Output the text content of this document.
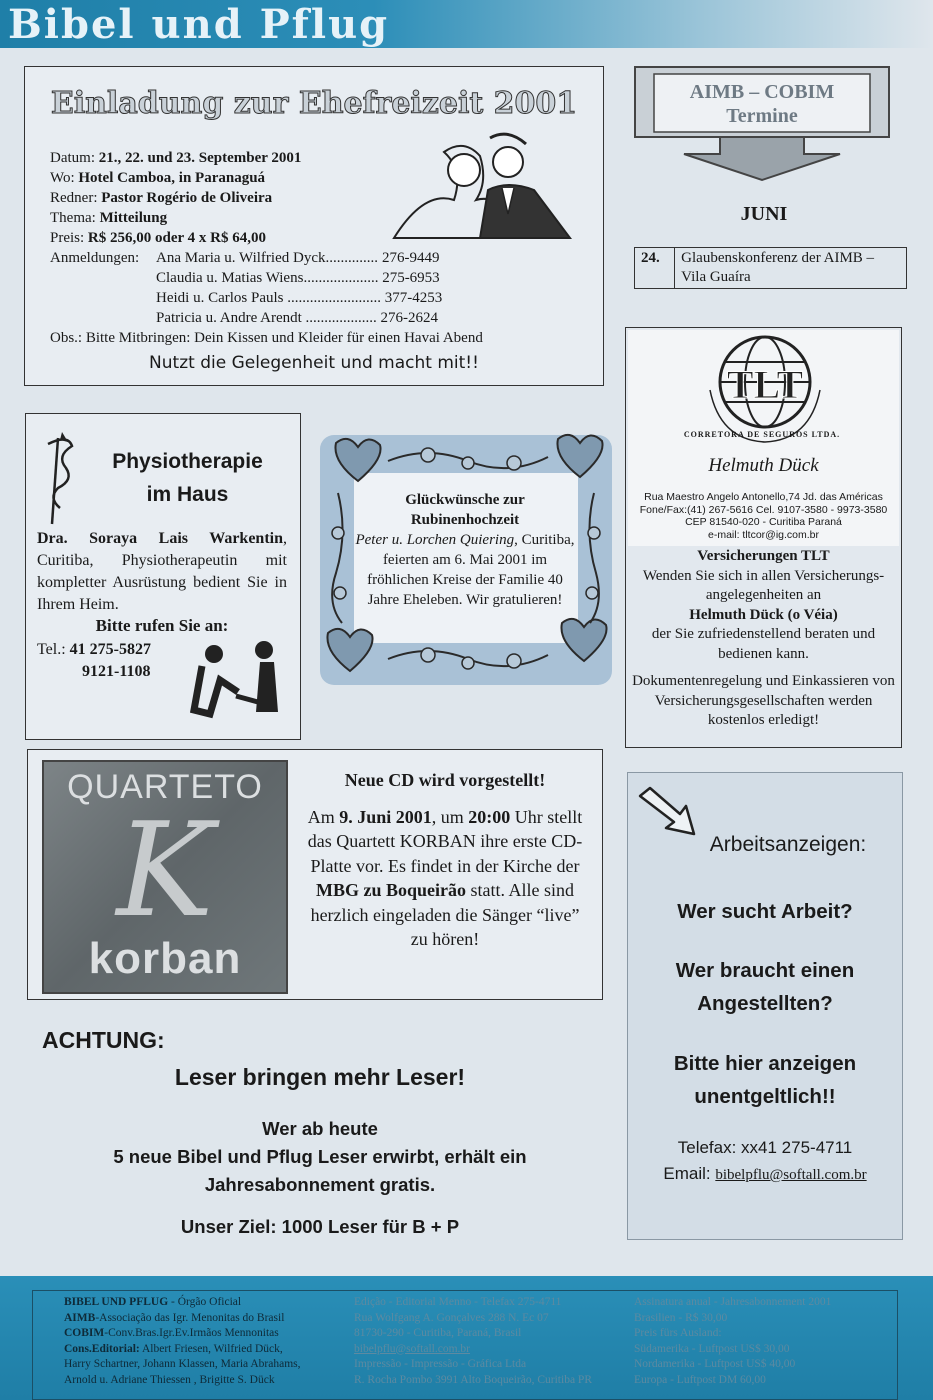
Bibel und Pflug
Einladung zur Ehefreizeit 2001
Datum: 21., 22. und 23. September 2001
Wo: Hotel Camboa, in Paranaguá
Redner: Pastor Rogério de Oliveira
Thema: Mitteilung
Preis: R$ 256,00 oder 4 x R$ 64,00
Anmeldungen:	Ana Maria u. Wilfried Dyck .............. 276-9449
Claudia u. Matias Wiens.................... 275-6953
Heidi u. Carlos Pauls ......................... 377-4253
Patricia u. Andre Arendt ................... 276-2624
Obs.: Bitte Mitbringen: Dein Kissen und Kleider für einen Havai Abend
Nutzt die Gelegenheit und macht mit!!
AIMB – COBIM
Termine
JUNI
24.	Glaubenskonferenz der AIMB – Vila Guaíra
Physiotherapie
im Haus
Dra. Soraya Lais Warkentin, Curitiba, Physiotherapeutin mit kompletter Ausrüstung bedient Sie in Ihrem Heim.
Bitte rufen Sie an:
Tel.: 41 275-5827
9121-1108
Glückwünsche zur
Rubinenhochzeit
Peter u. Lorchen Quiering, Curitiba, feierten am 6. Mai 2001 im fröhlichen Kreise der Familie 40 Jahre Eheleben. Wir gratulieren!
TLT
CORRETORA DE SEGUROS LTDA.
Helmuth Dück
Rua Maestro Angelo Antonello,74 Jd. das Américas
Fone/Fax:(41) 267-5616 Cel. 9107-3580 - 9973-3580
CEP 81540-020 - Curitiba Paraná
e-mail: tltcor@ig.com.br
Versicherungen TLT
Wenden Sie sich in allen Versicherungs-angelegenheiten an
Helmuth Dück (o Véia)
der Sie zufriedenstellend beraten und bedienen kann.
Dokumentenregelung und Einkassieren von Versicherungsgesellschaften werden kostenlos erledigt!
QUARTETO
K
korban
Neue CD wird vorgestellt!
Am 9. Juni 2001, um 20:00 Uhr stellt das Quartett KORBAN ihre erste CD-Platte vor. Es findet in der Kirche der MBG zu Boqueirão statt. Alle sind herzlich eingeladen die Sänger “live” zu hören!
ACHTUNG:
Leser bringen mehr Leser!
Wer ab heute
5 neue Bibel und Pflug Leser erwirbt, erhält ein
Jahresabonnement gratis.
Unser Ziel: 1000 Leser für B + P
Arbeitsanzeigen:
Wer sucht Arbeit?
Wer braucht einen
Angestellten?
Bitte hier anzeigen
unentgeltlich!!
Telefax: xx41 275-4711
Email: bibelpflu@softall.com.br
BIBEL UND PFLUG - Órgão Oficial
AIMB-Associação das Igr. Menonitas do Brasil
COBIM-Conv.Bras.Igr.Ev.Irmãos Mennonitas
Cons.Editorial: Albert Friesen, Wilfried Dück,
Harry Schartner, Johann Klassen, Maria Abrahams,
Arnold u. Adriane Thiessen , Brigitte S. Dück
Edição - Editorial Menno - Telefax 275-4711
Rua Wolfgang A. Gonçalves 288 N. Ec 07
81730-290 - Curitiba, Paraná, Brasil
bibelpflu@softall.com.br
Impressão - Impressão - Gráfica Ltda
R. Rocha Pombo 3991 Alto Boqueirão, Curitiba PR
Assinatura anual - Jahresabonnement 2001
Brasilien - R$ 30,00
Preis fürs Ausland:
Südamerika - Luftpost US$ 30,00
Nordamerika - Luftpost US$ 40,00
Europa - Luftpost DM 60,00
